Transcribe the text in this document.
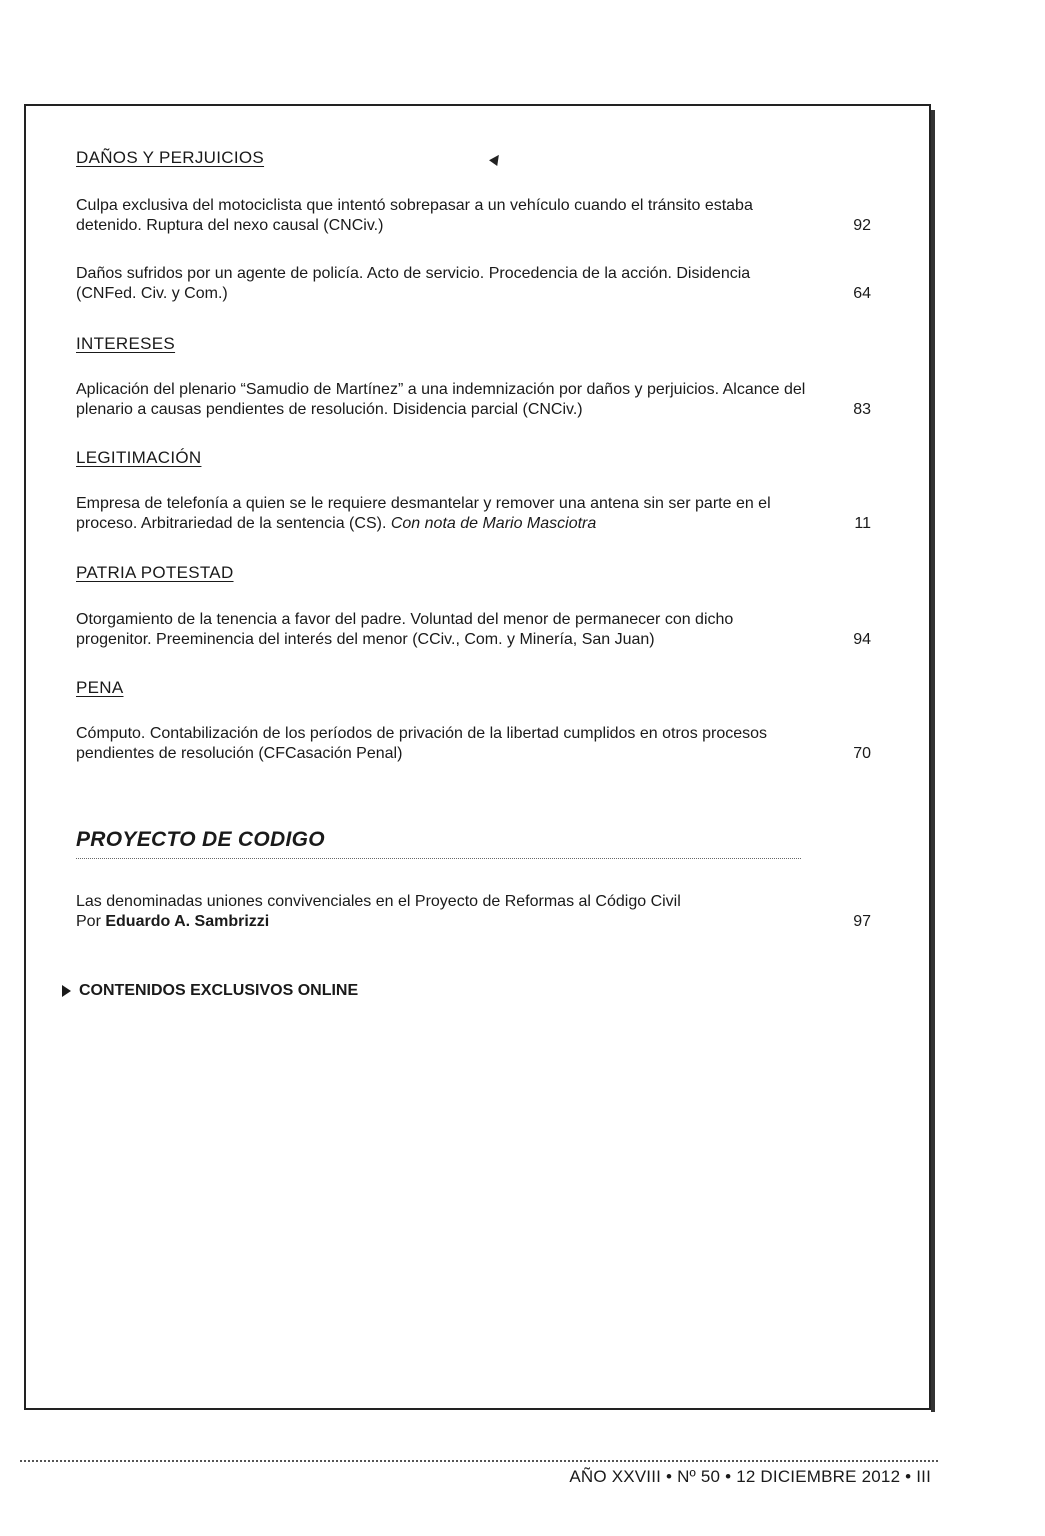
DAÑOS Y PERJUICIOS
Culpa exclusiva del motociclista que intentó sobrepasar a un vehículo cuando el tránsito estaba detenido. Ruptura del nexo causal (CNCiv.)	92
Daños sufridos por un agente de policía. Acto de servicio. Procedencia de la acción. Disidencia (CNFed. Civ. y Com.)	64
INTERESES
Aplicación del plenario “Samudio de Martínez” a una indemnización por daños y perjuicios. Alcance del plenario a causas pendientes de resolución. Disidencia parcial (CNCiv.)	83
LEGITIMACIÓN
Empresa de telefonía a quien se le requiere desmantelar y remover una antena sin ser parte en el proceso. Arbitrariedad de la sentencia (CS). Con nota de Mario Masciotra	11
PATRIA POTESTAD
Otorgamiento de la tenencia a favor del padre. Voluntad del menor de permanecer con dicho progenitor. Preeminencia del interés del menor (CCiv., Com. y Minería, San Juan)	94
PENA
Cómputo. Contabilización de los períodos de privación de la libertad cumplidos en otros procesos pendientes de resolución (CFCasación Penal)	70
PROYECTO DE CODIGO
Las denominadas uniones convivenciales en el Proyecto de Reformas al Código Civil
Por Eduardo A. Sambrizzi	97
CONTENIDOS EXCLUSIVOS ONLINE
AÑO XXVIII • Nº 50 • 12 DICIEMBRE 2012 • III
